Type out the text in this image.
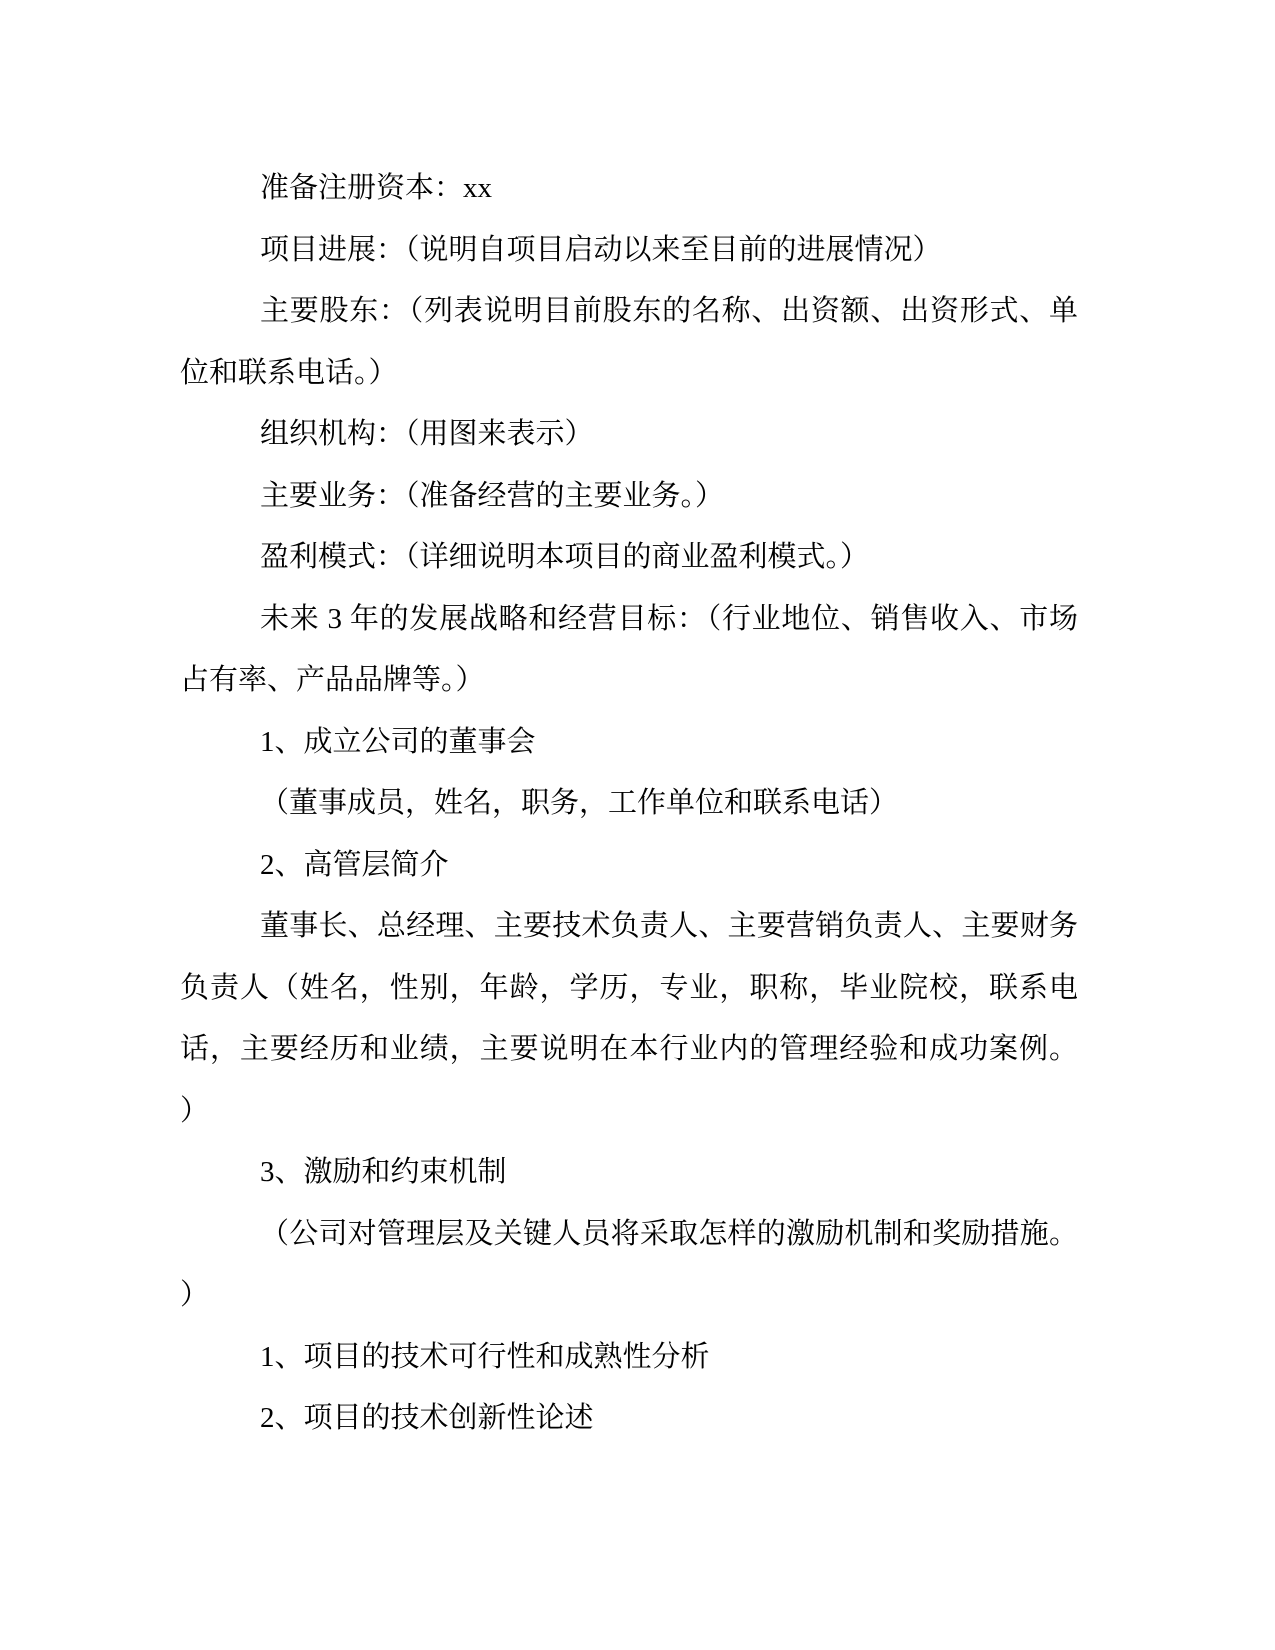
准备注册资本：xx
项目进展：（说明自项目启动以来至目前的进展情况）
主要股东：（列表说明目前股东的名称、出资额、出资形式、单
位和联系电话。）
组织机构：（用图来表示）
主要业务：（准备经营的主要业务。）
盈利模式：（详细说明本项目的商业盈利模式。）
未来 3 年的发展战略和经营目标：（行业地位、销售收入、市场
占有率、产品品牌等。）
1、成立公司的董事会
（董事成员，姓名，职务，工作单位和联系电话）
2、高管层简介
董事长、总经理、主要技术负责人、主要营销负责人、主要财务
负责人（姓名，性别，年龄，学历，专业，职称，毕业院校，联系电
话，主要经历和业绩，主要说明在本行业内的管理经验和成功案例。
）
3、激励和约束机制
（公司对管理层及关键人员将采取怎样的激励机制和奖励措施。
）
1、项目的技术可行性和成熟性分析
2、项目的技术创新性论述
